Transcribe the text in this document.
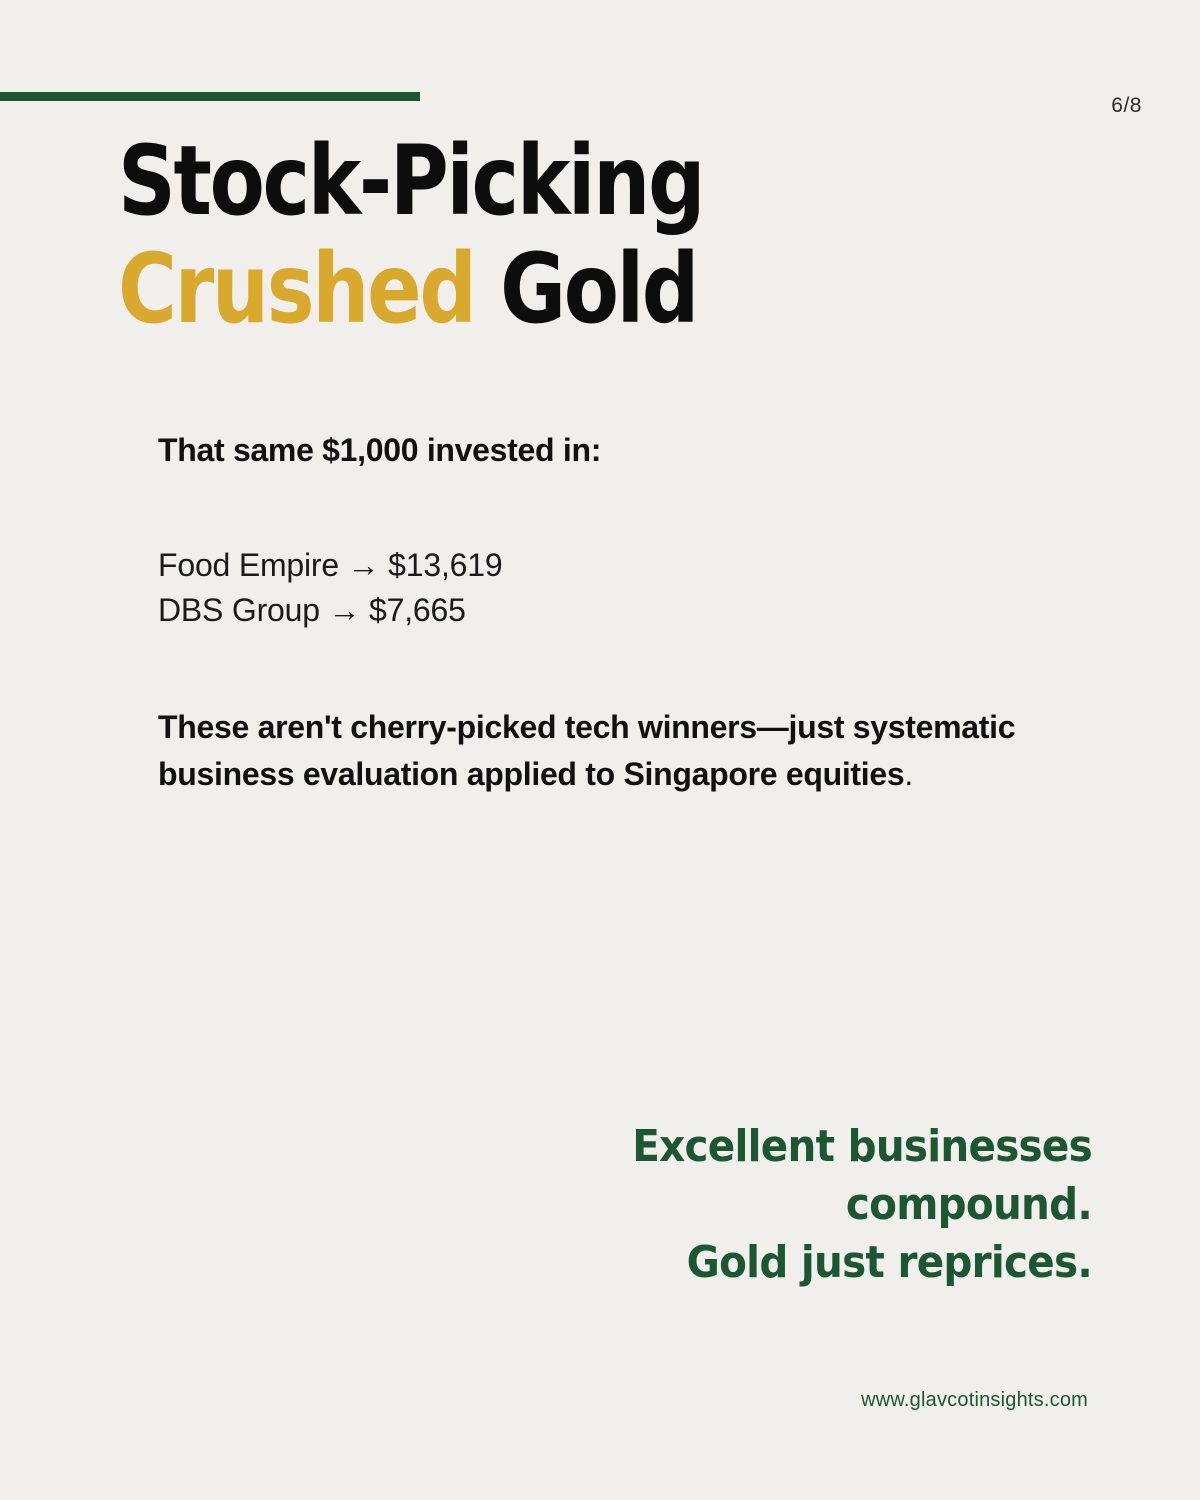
6/8
Stock-Picking
Crushed Gold

That same $1,000 invested in:

Food Empire → $13,619

DBS Group → $7,665

These aren't cherry-picked tech winners—just systematic business evaluation applied to Singapore equities.

Excellent businesses compound.
Gold just reprices.
www.glavcotinsights.com
